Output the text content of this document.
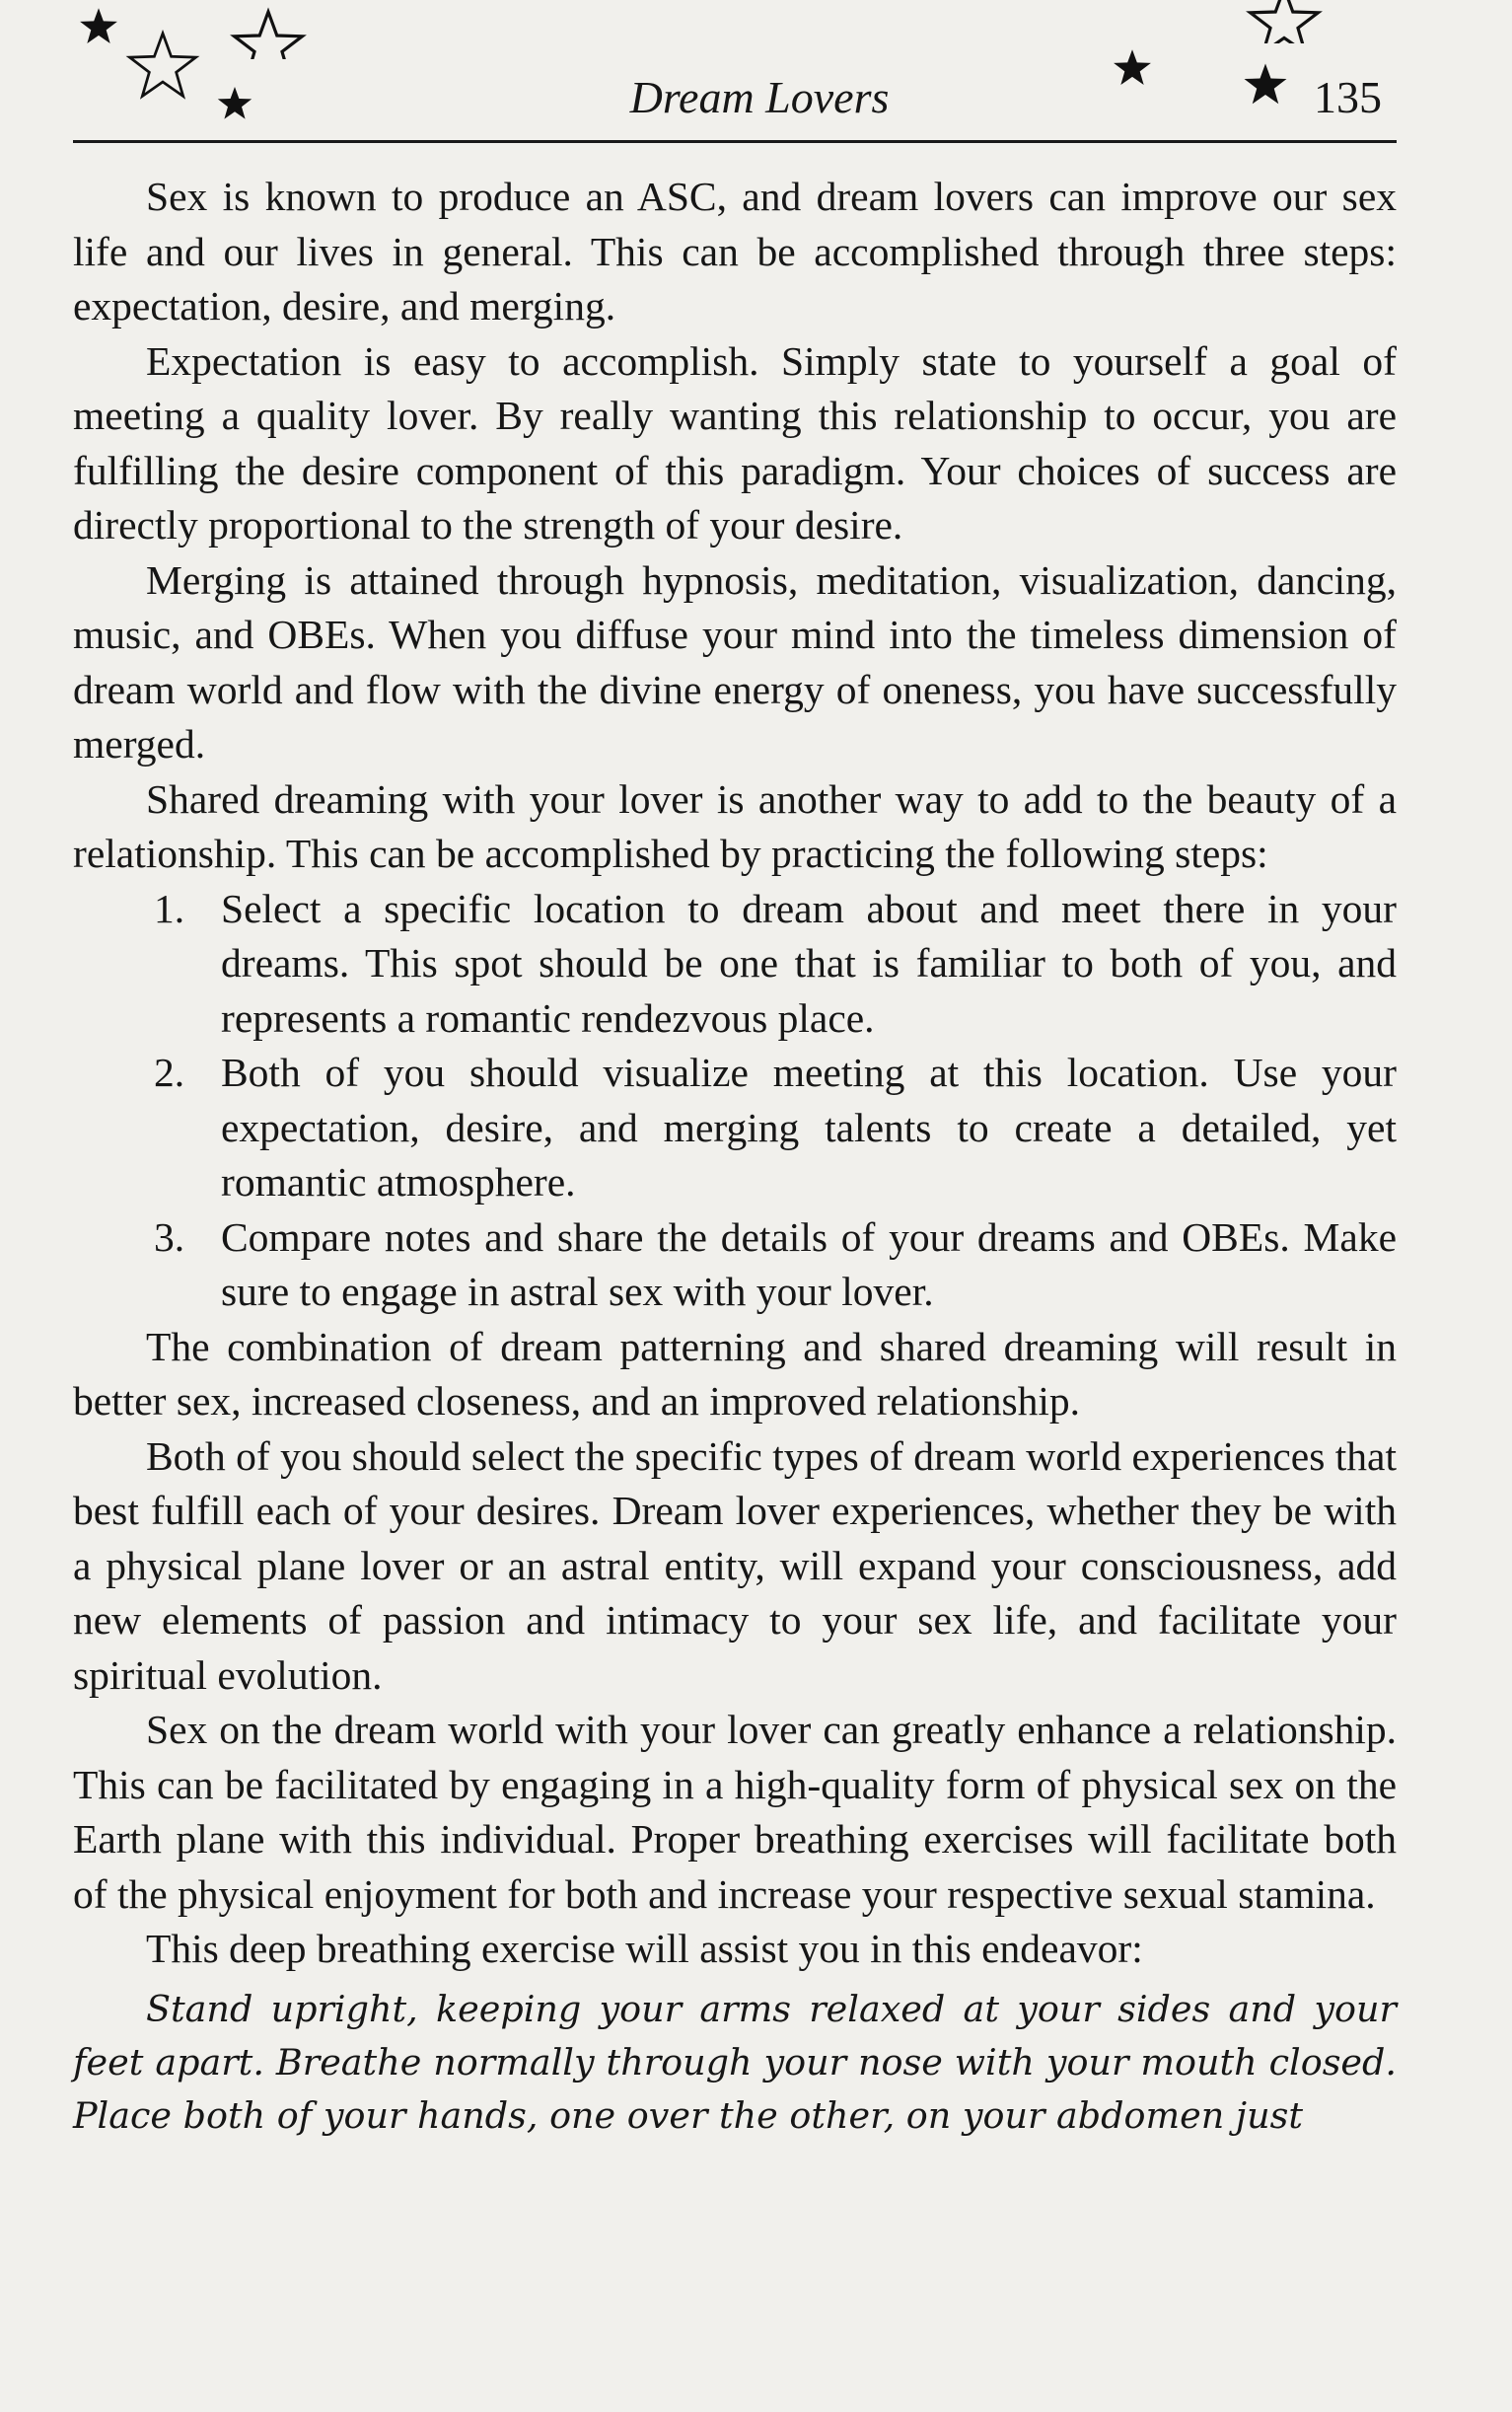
Dream Lovers	135

Sex is known to produce an ASC, and dream lovers can improve our sex life and our lives in general. This can be accomplished through three steps: expectation, desire, and merging.

Expectation is easy to accomplish. Simply state to yourself a goal of meeting a quality lover. By really wanting this relationship to occur, you are fulfilling the desire component of this paradigm. Your choices of success are directly proportional to the strength of your desire.

Merging is attained through hypnosis, meditation, visualization, dancing, music, and OBEs. When you diffuse your mind into the timeless dimension of dream world and flow with the divine energy of oneness, you have successfully merged.

Shared dreaming with your lover is another way to add to the beauty of a relationship. This can be accomplished by practicing the following steps:

1. Select a specific location to dream about and meet there in your dreams. This spot should be one that is familiar to both of you, and represents a romantic rendezvous place.
2. Both of you should visualize meeting at this location. Use your expectation, desire, and merging talents to create a detailed, yet romantic atmosphere.
3. Compare notes and share the details of your dreams and OBEs. Make sure to engage in astral sex with your lover.

The combination of dream patterning and shared dreaming will result in better sex, increased closeness, and an improved relationship.

Both of you should select the specific types of dream world experiences that best fulfill each of your desires. Dream lover experiences, whether they be with a physical plane lover or an astral entity, will expand your consciousness, add new elements of passion and intimacy to your sex life, and facilitate your spiritual evolution.

Sex on the dream world with your lover can greatly enhance a relationship. This can be facilitated by engaging in a high-quality form of physical sex on the Earth plane with this individual. Proper breathing exercises will facilitate both of the physical enjoyment for both and increase your respective sexual stamina.

This deep breathing exercise will assist you in this endeavor:

Stand upright, keeping your arms relaxed at your sides and your feet apart. Breathe normally through your nose with your mouth closed. Place both of your hands, one over the other, on your abdomen just
